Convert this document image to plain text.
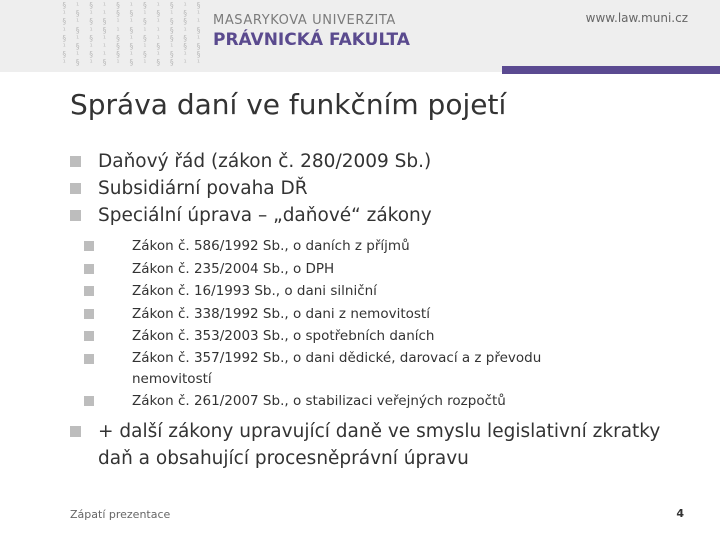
§ ¹ § ¹ § ¹ § ¹ § ¹ §
¹ § ¹ ¹ § § ¹ § ¹ § ¹
§ ¹ § § ¹ ¹ § ¹ § § ¹
¹ § ¹ § ¹ § ¹ ¹ § ¹ §
§ ¹ § ¹ § ¹ § ¹ § § ¹
¹ § ¹ ¹ § § ¹ § ¹ § §
§ ¹ § ¹ § ¹ § ¹ § ¹ §
¹ § ¹ § ¹ § ¹ § § ¹ ¹
MASARYKOVA UNIVERZITA
PRÁVNICKÁ FAKULTA
www.law.muni.cz
Správa daní ve funkčním pojetí
Daňový řád (zákon č. 280/2009 Sb.)
Subsidiární povaha DŘ
Speciální úprava – „daňové“ zákony
Zákon č. 586/1992 Sb., o daních z příjmů
Zákon č. 235/2004 Sb., o DPH
Zákon č. 16/1993 Sb., o dani silniční
Zákon č. 338/1992 Sb., o dani z nemovitostí
Zákon č. 353/2003 Sb., o spotřebních daních
Zákon č. 357/1992 Sb., o dani dědické, darovací a z převodu nemovitostí
Zákon č. 261/2007 Sb., o stabilizaci veřejných rozpočtů
+ další zákony upravující daně ve smyslu legislativní zkratky daň a obsahující procesněprávní úpravu
Zápatí prezentace	4
